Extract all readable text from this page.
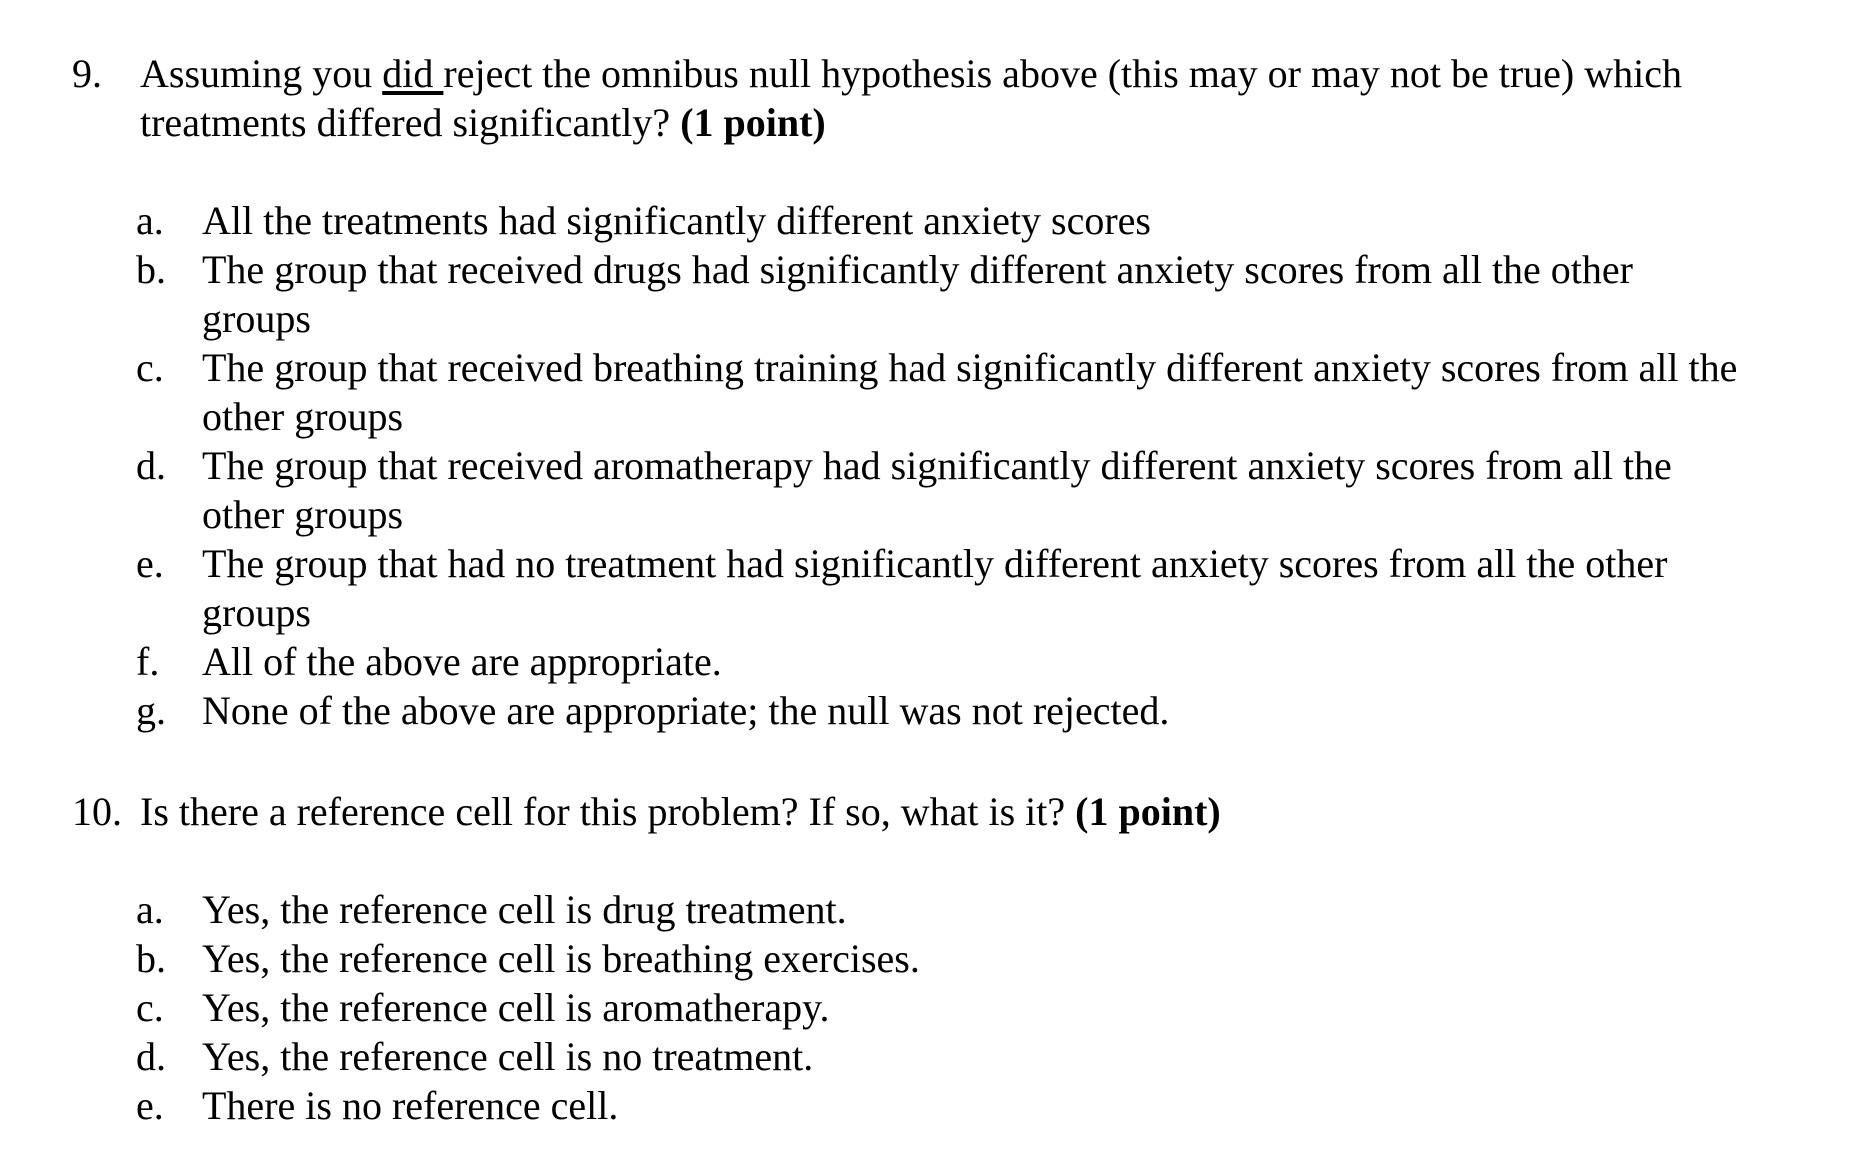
9. Assuming you did reject the omnibus null hypothesis above (this may or may not be true) which treatments differed significantly? (1 point)
a. All the treatments had significantly different anxiety scores
b. The group that received drugs had significantly different anxiety scores from all the other groups
c. The group that received breathing training had significantly different anxiety scores from all the other groups
d. The group that received aromatherapy had significantly different anxiety scores from all the other groups
e. The group that had no treatment had significantly different anxiety scores from all the other groups
f. All of the above are appropriate.
g. None of the above are appropriate; the null was not rejected.
10. Is there a reference cell for this problem? If so, what is it? (1 point)
a. Yes, the reference cell is drug treatment.
b. Yes, the reference cell is breathing exercises.
c. Yes, the reference cell is aromatherapy.
d. Yes, the reference cell is no treatment.
e. There is no reference cell.
